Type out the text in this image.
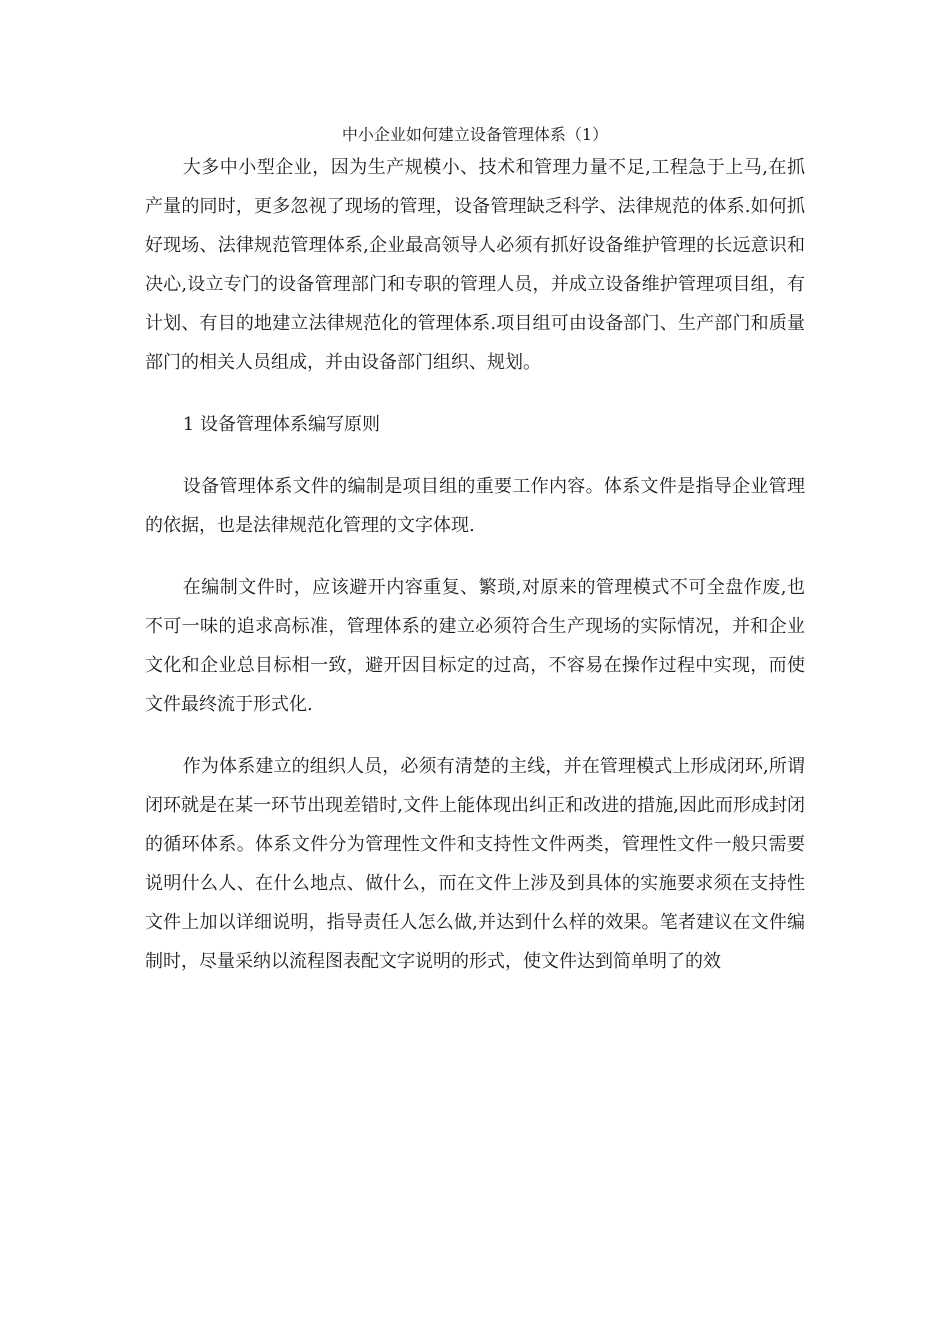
中小企业如何建立设备管理体系（1）

大多中小型企业，因为生产规模小、技术和管理力量不足,工程急于上马,在抓产量的同时，更多忽视了现场的管理，设备管理缺乏科学、法律规范的体系.如何抓好现场、法律规范管理体系,企业最高领导人必须有抓好设备维护管理的长远意识和决心,设立专门的设备管理部门和专职的管理人员，并成立设备维护管理项目组，有计划、有目的地建立法律规范化的管理体系.项目组可由设备部门、生产部门和质量部门的相关人员组成，并由设备部门组织、规划。

1 设备管理体系编写原则

设备管理体系文件的编制是项目组的重要工作内容。体系文件是指导企业管理的依据，也是法律规范化管理的文字体现.

在编制文件时，应该避开内容重复、繁琐,对原来的管理模式不可全盘作废,也不可一味的追求高标准，管理体系的建立必须符合生产现场的实际情况，并和企业文化和企业总目标相一致，避开因目标定的过高，不容易在操作过程中实现，而使文件最终流于形式化.

作为体系建立的组织人员，必须有清楚的主线，并在管理模式上形成闭环,所谓闭环就是在某一环节出现差错时,文件上能体现出纠正和改进的措施,因此而形成封闭的循环体系。体系文件分为管理性文件和支持性文件两类，管理性文件一般只需要说明什么人、在什么地点、做什么，而在文件上涉及到具体的实施要求须在支持性文件上加以详细说明，指导责任人怎么做,并达到什么样的效果。笔者建议在文件编制时，尽量采纳以流程图表配文字说明的形式，使文件达到简单明了的效
